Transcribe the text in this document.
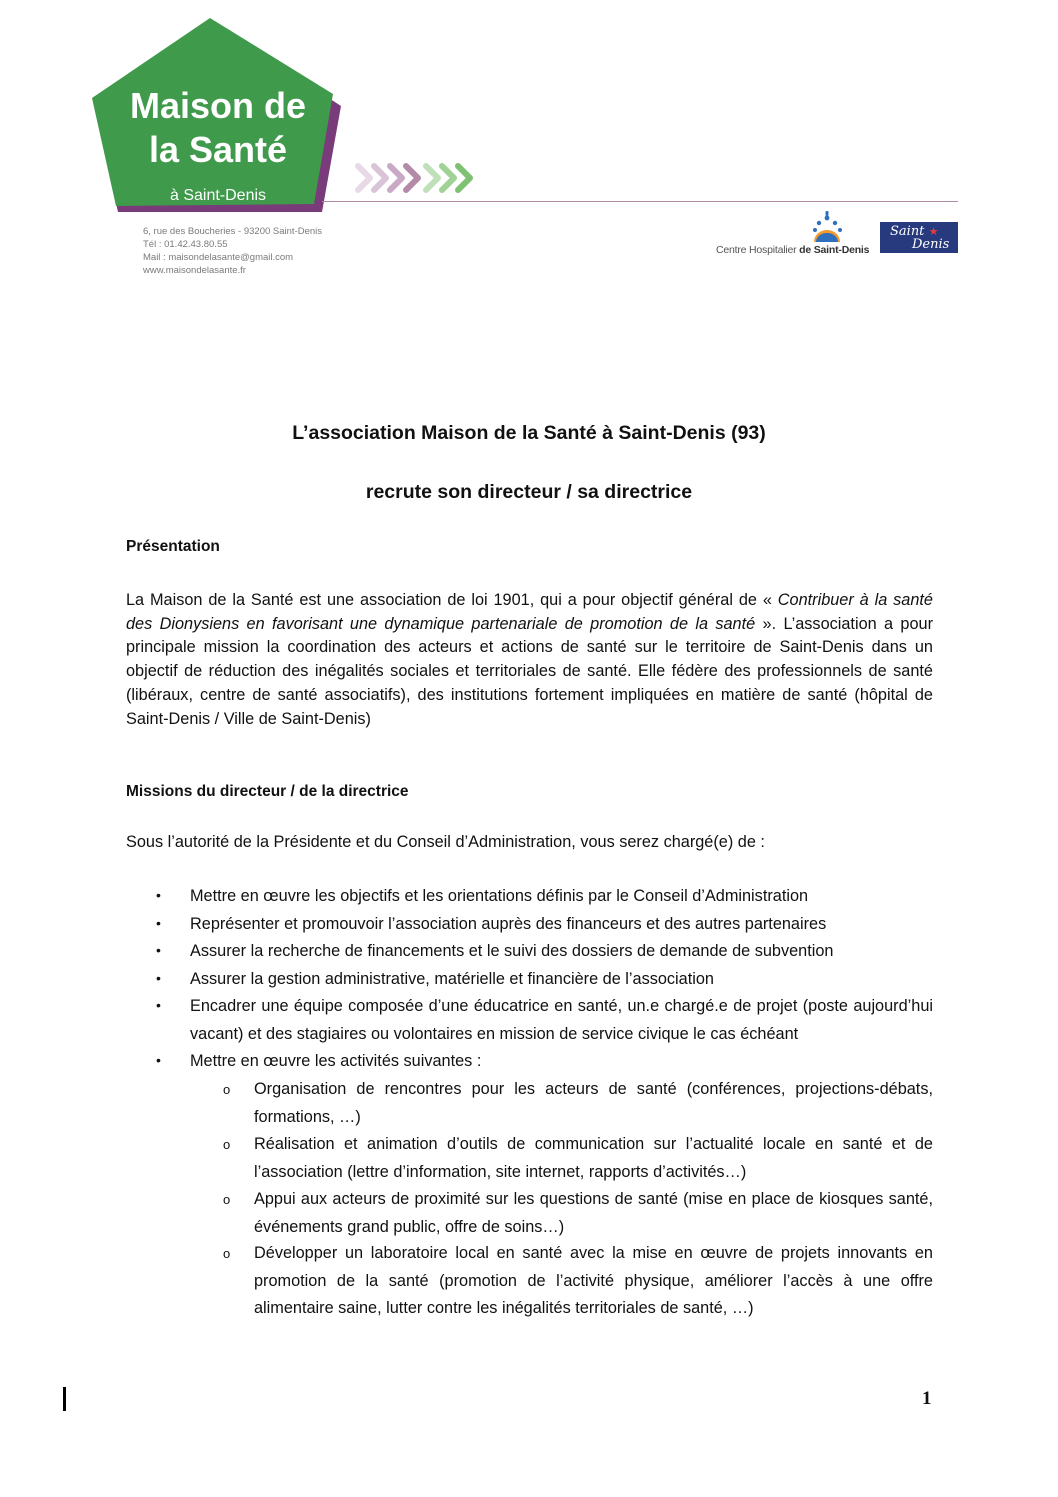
Maison de
la Santé
à Saint-Denis
6, rue des Boucheries - 93200 Saint-Denis
Tél : 01.42.43.80.55
Mail : maisondelasante@gmail.com
www.maisondelasante.fr
Centre Hospitalier de Saint-Denis
Saint ★
Denis
L’association Maison de la Santé à Saint-Denis (93)
recrute son directeur / sa directrice
Présentation
La Maison de la Santé est une association de loi 1901, qui a pour objectif général de « Contribuer à la santé des Dionysiens en favorisant une dynamique partenariale de promotion de la santé ». L’association a pour principale mission la coordination des acteurs et actions de santé sur le territoire de Saint-Denis dans un objectif de réduction des inégalités sociales et territoriales de santé. Elle fédère des professionnels de santé (libéraux, centre de santé associatifs), des institutions fortement impliquées en matière de santé (hôpital de Saint-Denis / Ville de Saint-Denis)
Missions du directeur / de la directrice
Sous l’autorité de la Présidente et du Conseil d’Administration, vous serez chargé(e) de :
• Mettre en œuvre les objectifs et les orientations définis par le Conseil d’Administration
• Représenter et promouvoir l’association auprès des financeurs et des autres partenaires
• Assurer la recherche de financements et le suivi des dossiers de demande de subvention
• Assurer la gestion administrative, matérielle et financière de l’association
• Encadrer une équipe composée d’une éducatrice en santé, un.e chargé.e de projet (poste aujourd’hui vacant) et des stagiaires ou volontaires en mission de service civique le cas échéant
• Mettre en œuvre les activités suivantes :
o Organisation de rencontres pour les acteurs de santé (conférences, projections-débats, formations, …)
o Réalisation et animation d’outils de communication sur l’actualité locale en santé et de l’association (lettre d’information, site internet, rapports d’activités…)
o Appui aux acteurs de proximité sur les questions de santé (mise en place de kiosques santé, événements grand public, offre de soins…)
o Développer un laboratoire local en santé avec la mise en œuvre de projets innovants en promotion de la santé (promotion de l’activité physique, améliorer l’accès à une offre alimentaire saine, lutter contre les inégalités territoriales de santé, …)
1
